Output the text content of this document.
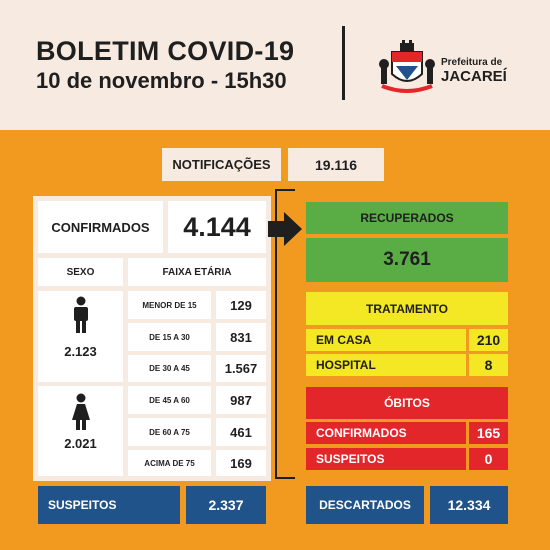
BOLETIM COVID-19
10 de novembro - 15h30
Prefeitura de
JACAREÍ
NOTIFICAÇÕES	19.116
CONFIRMADOS	4.144
SEXO	FAIXA ETÁRIA
2.123
MENOR DE 15	129
DE 15 A 30	831
DE 30 A 45	1.567
2.021
DE 45 A 60	987
DE 60 A 75	461
ACIMA DE 75	169
RECUPERADOS
3.761
TRATAMENTO
EM CASA	210
HOSPITAL	8
ÓBITOS
CONFIRMADOS	165
SUSPEITOS	0
SUSPEITOS	2.337	DESCARTADOS	12.334
